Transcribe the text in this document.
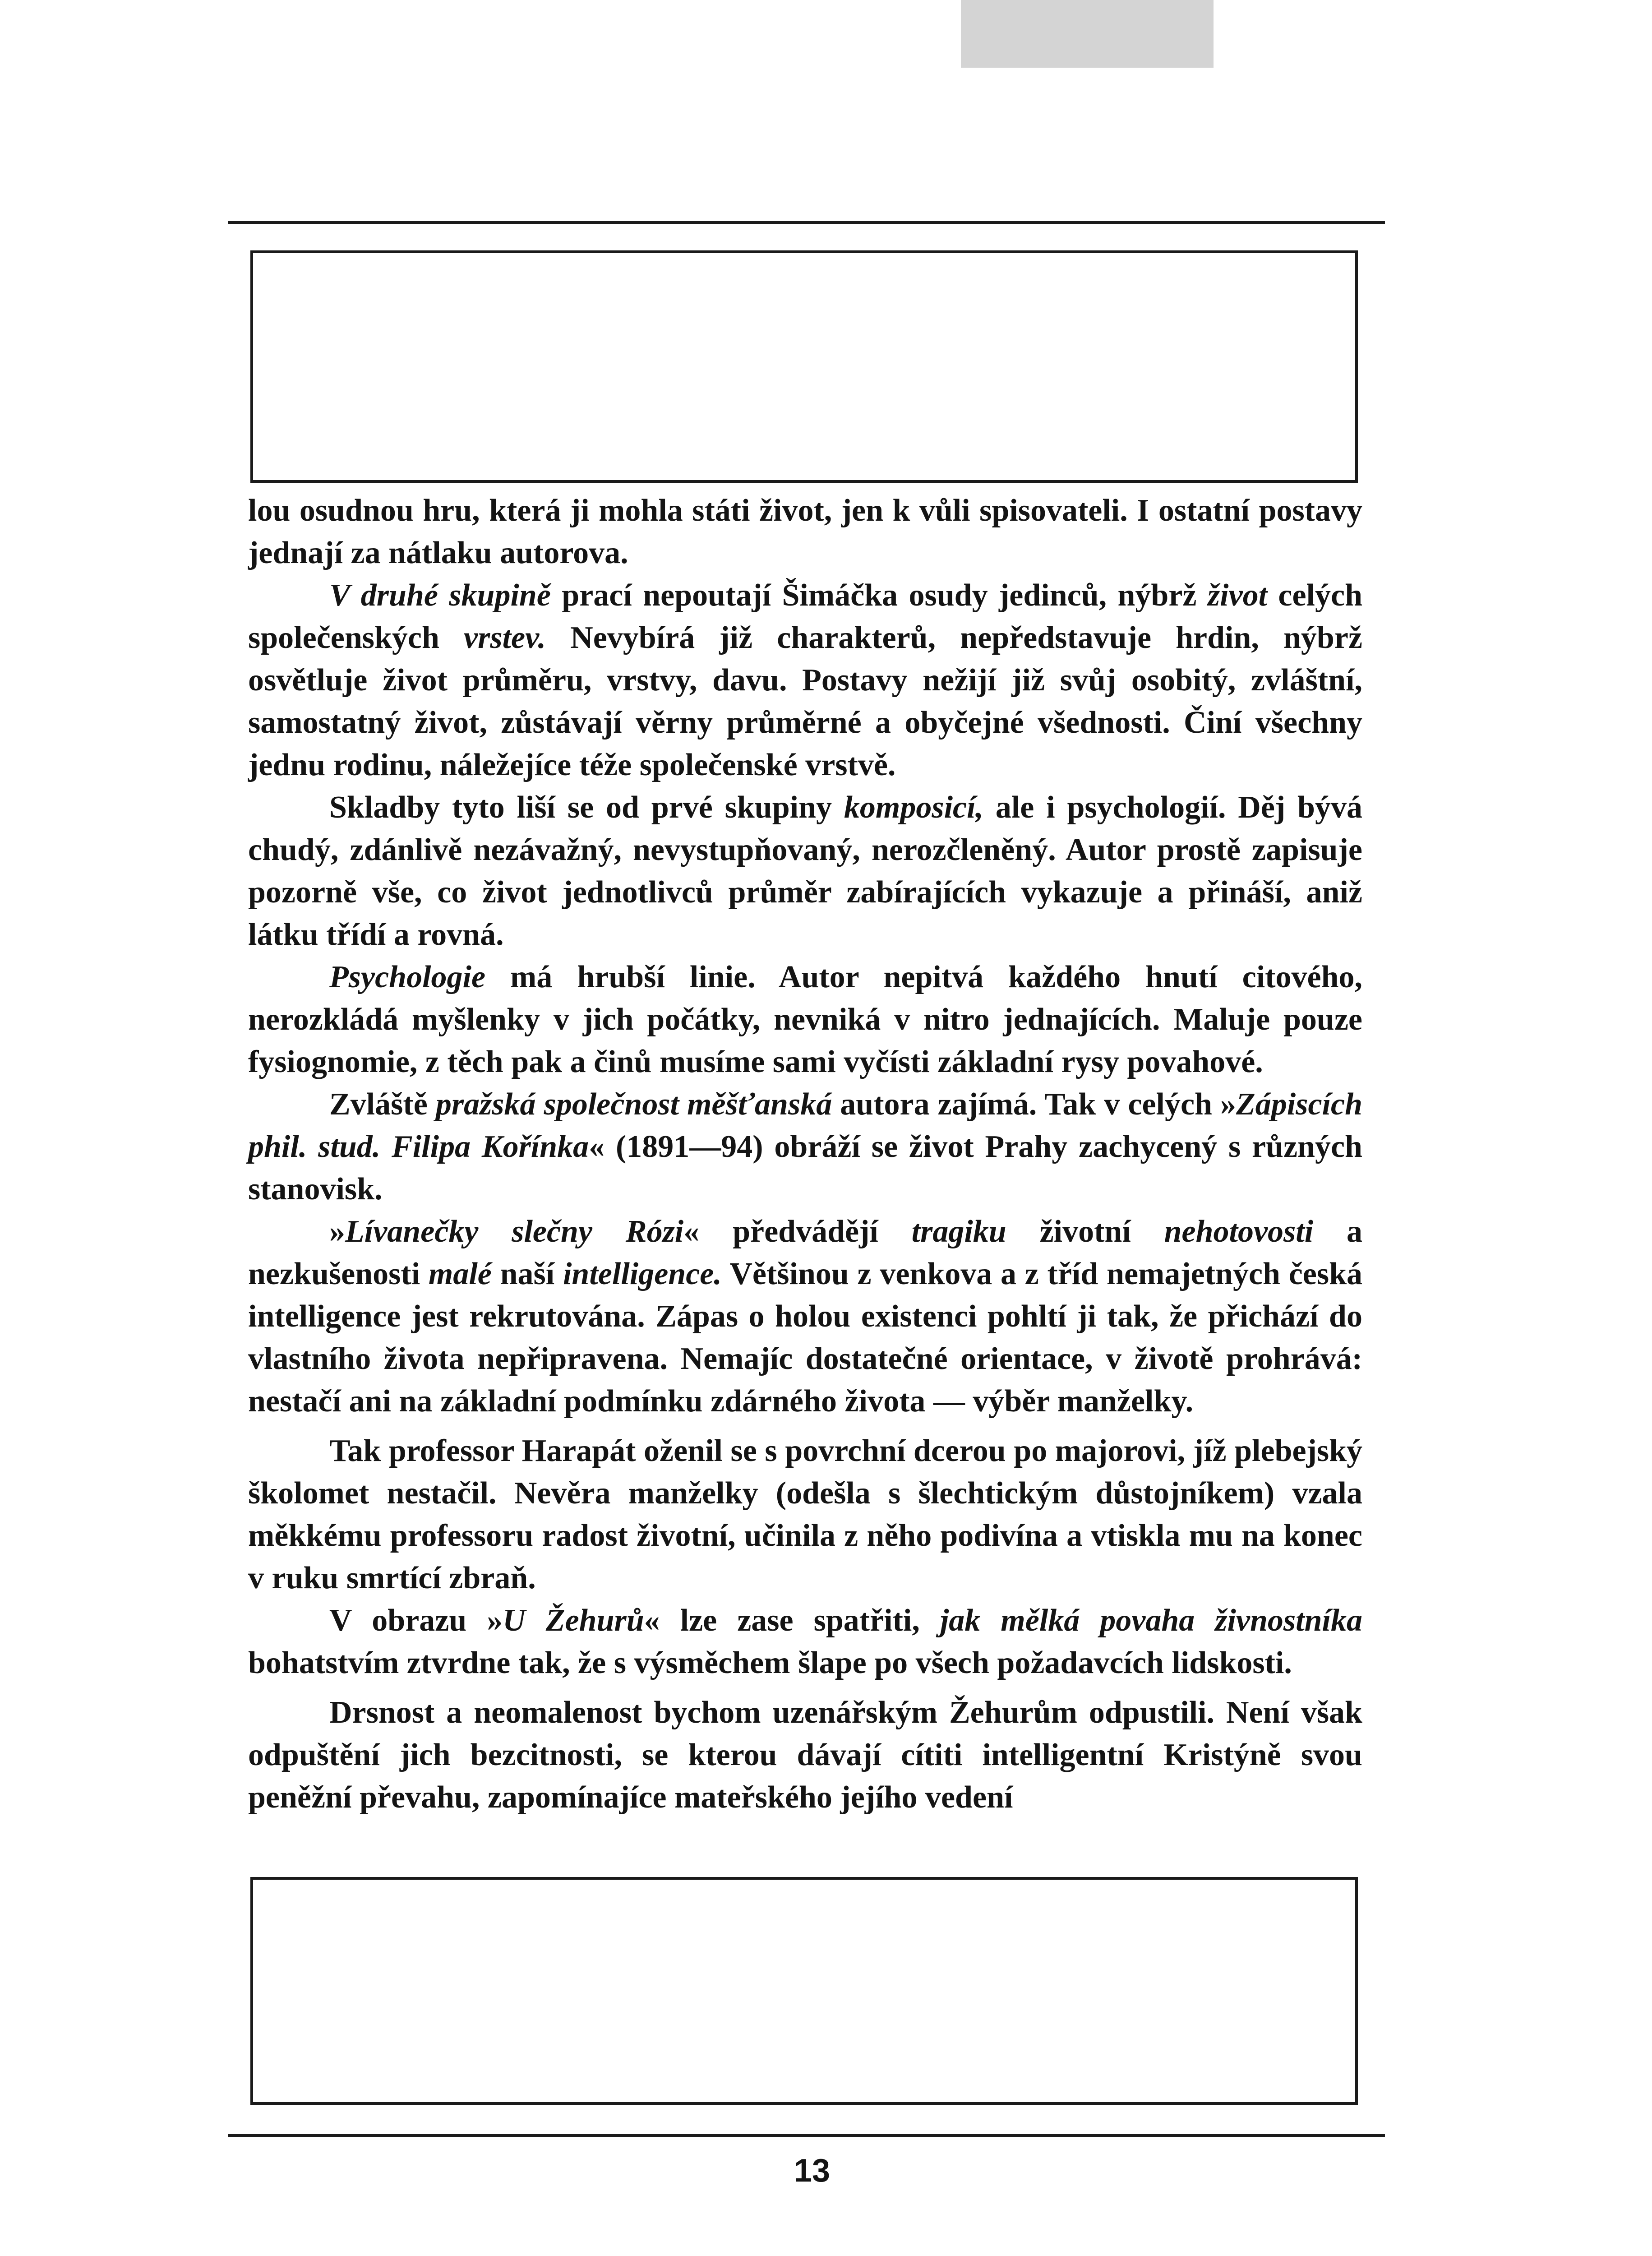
lou osudnou hru, která ji mohla státi život, jen k vůli spisovateli. I ostatní postavy jednají za nátlaku autorova.

V druhé skupině prací nepoutají Šimáčka osudy jedinců, nýbrž život celých společenských vrstev. Nevybírá již charakterů, nepředstavuje hrdin, nýbrž osvětluje život průměru, vrstvy, davu. Postavy nežijí již svůj osobitý, zvláštní, samostatný život, zůstávají věrny průměrné a obyčejné všednosti. Činí všechny jednu rodinu, náležejíce téže společenské vrstvě.

Skladby tyto liší se od prvé skupiny komposicí, ale i psychologií. Děj bývá chudý, zdánlivě nezávažný, nevystupňovaný, nerozčleněný. Autor prostě zapisuje pozorně vše, co život jednotlivců průměr zabírajících vykazuje a přináší, aniž látku třídí a rovná.

Psychologie má hrubší linie. Autor nepitvá každého hnutí citového, nerozkládá myšlenky v jich počátky, nevniká v nitro jednajících. Maluje pouze fysiognomie, z těch pak a činů musíme sami vyčísti základní rysy povahové.

Zvláště pražská společnost měšťanská autora zajímá. Tak v celých »Zápiscích phil. stud. Filipa Kořínka« (1891—94) obráží se život Prahy zachycený s různých stanovisk.

»Lívanečky slečny Rózi« předvádějí tragiku životní nehotovosti a nezkušenosti malé naší intelligence. Většinou z venkova a z tříd nemajetných česká intelligence jest rekrutována. Zápas o holou existenci pohltí ji tak, že přichází do vlastního života nepřipravena. Nemajíc dostatečné orientace, v životě prohrává: nestačí ani na základní podmínku zdárného života — výběr manželky.

Tak professor Harapát oženil se s povrchní dcerou po majorovi, jíž plebejský školomet nestačil. Nevěra manželky (odešla s šlechtickým důstojníkem) vzala měkkému professoru radost životní, učinila z něho podivína a vtiskla mu na konec v ruku smrtící zbraň.

V obrazu »U Žehurů« lze zase spatřiti, jak mělká povaha živnostníka bohatstvím ztvrdne tak, že s výsměchem šlape po všech požadavcích lidskosti.

Drsnost a neomalenost bychom uzenářským Žehurům odpustili. Není však odpuštění jich bezcitnosti, se kterou dávají cítiti intelligentní Kristýně svou peněžní převahu, zapomínajíce mateřského jejího vedení

13
